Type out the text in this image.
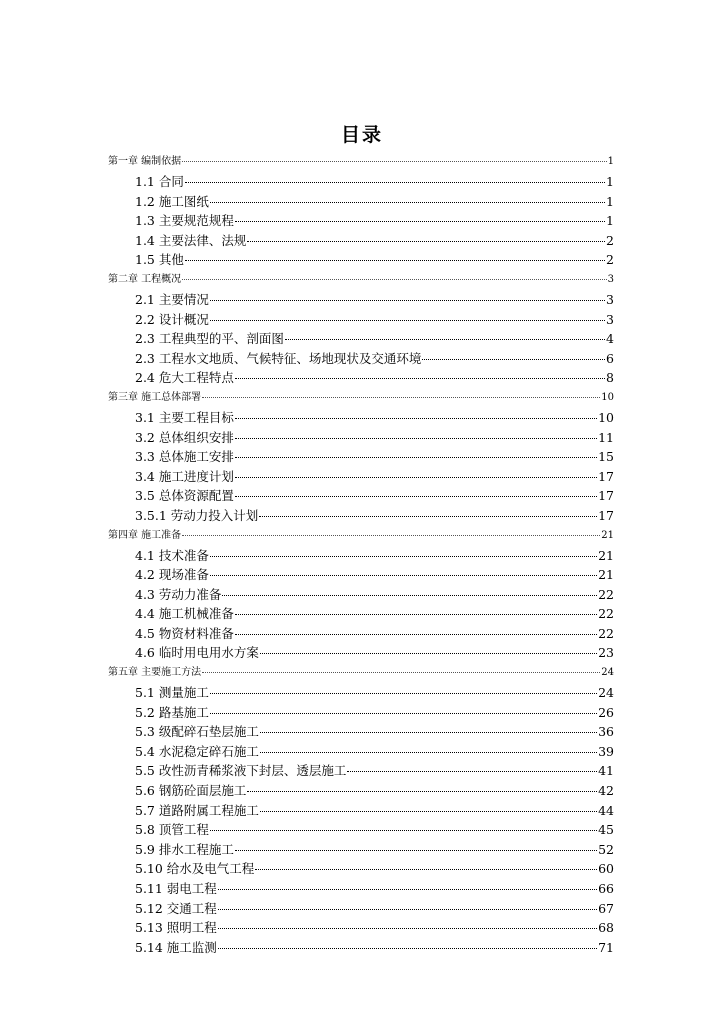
目录
第一章 编制依据	1
1.1 合同	1
1.2 施工图纸	1
1.3 主要规范规程	1
1.4 主要法律、法规	2
1.5 其他	2
第二章 工程概况	3
2.1 主要情况	3
2.2 设计概况	3
2.3 工程典型的平、剖面图	4
2.3 工程水文地质、气候特征、场地现状及交通环境	6
2.4 危大工程特点	8
第三章 施工总体部署	10
3.1 主要工程目标	10
3.2 总体组织安排	11
3.3 总体施工安排	15
3.4 施工进度计划	17
3.5 总体资源配置	17
3.5.1 劳动力投入计划	17
第四章 施工准备	21
4.1 技术准备	21
4.2 现场准备	21
4.3 劳动力准备	22
4.4 施工机械准备	22
4.5 物资材料准备	22
4.6 临时用电用水方案	23
第五章 主要施工方法	24
5.1 测量施工	24
5.2 路基施工	26
5.3 级配碎石垫层施工	36
5.4 水泥稳定碎石施工	39
5.5 改性沥青稀浆液下封层、透层施工	41
5.6 钢筋砼面层施工	42
5.7 道路附属工程施工	44
5.8 顶管工程	45
5.9 排水工程施工	52
5.10 给水及电气工程	60
5.11 弱电工程	66
5.12 交通工程	67
5.13 照明工程	68
5.14 施工监测	71
